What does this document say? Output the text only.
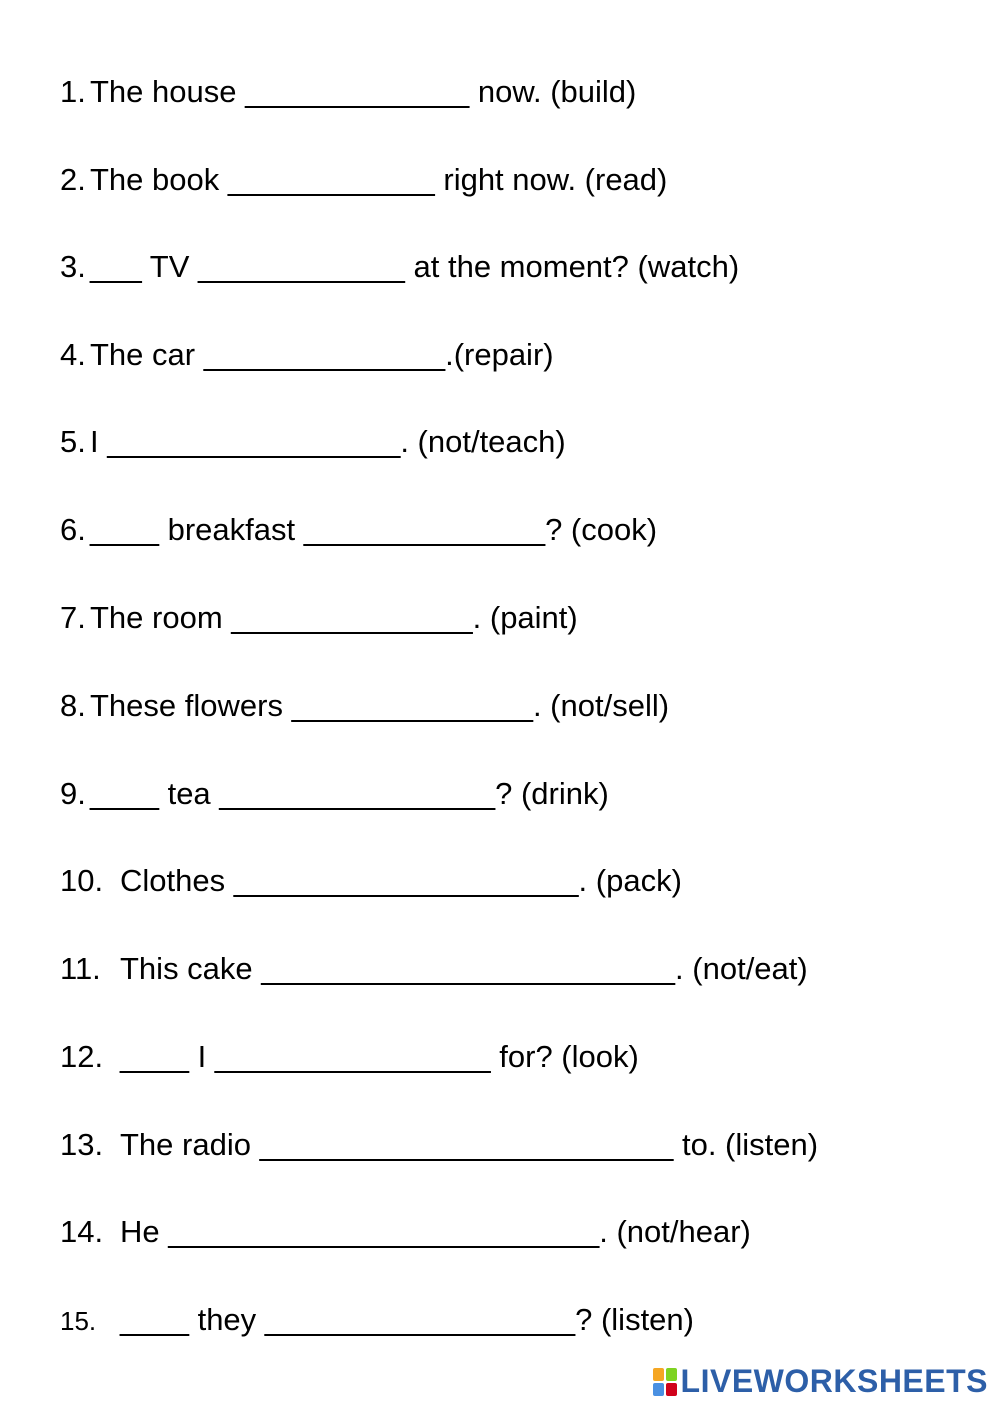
1. The house _____________ now. (build)
2. The book ____________ right now. (read)
3. ___ TV ____________ at the moment? (watch)
4. The car ______________.(repair)
5. I _________________. (not/teach)
6. ____ breakfast ______________? (cook)
7. The room ______________. (paint)
8. These flowers ______________. (not/sell)
9. ____ tea ________________? (drink)
10. Clothes ____________________. (pack)
11. This cake ________________________. (not/eat)
12. ____ I ________________ for? (look)
13. The radio ________________________ to. (listen)
14. He _________________________. (not/hear)
15. ____ they __________________? (listen)
LIVEWORKSHEETS
